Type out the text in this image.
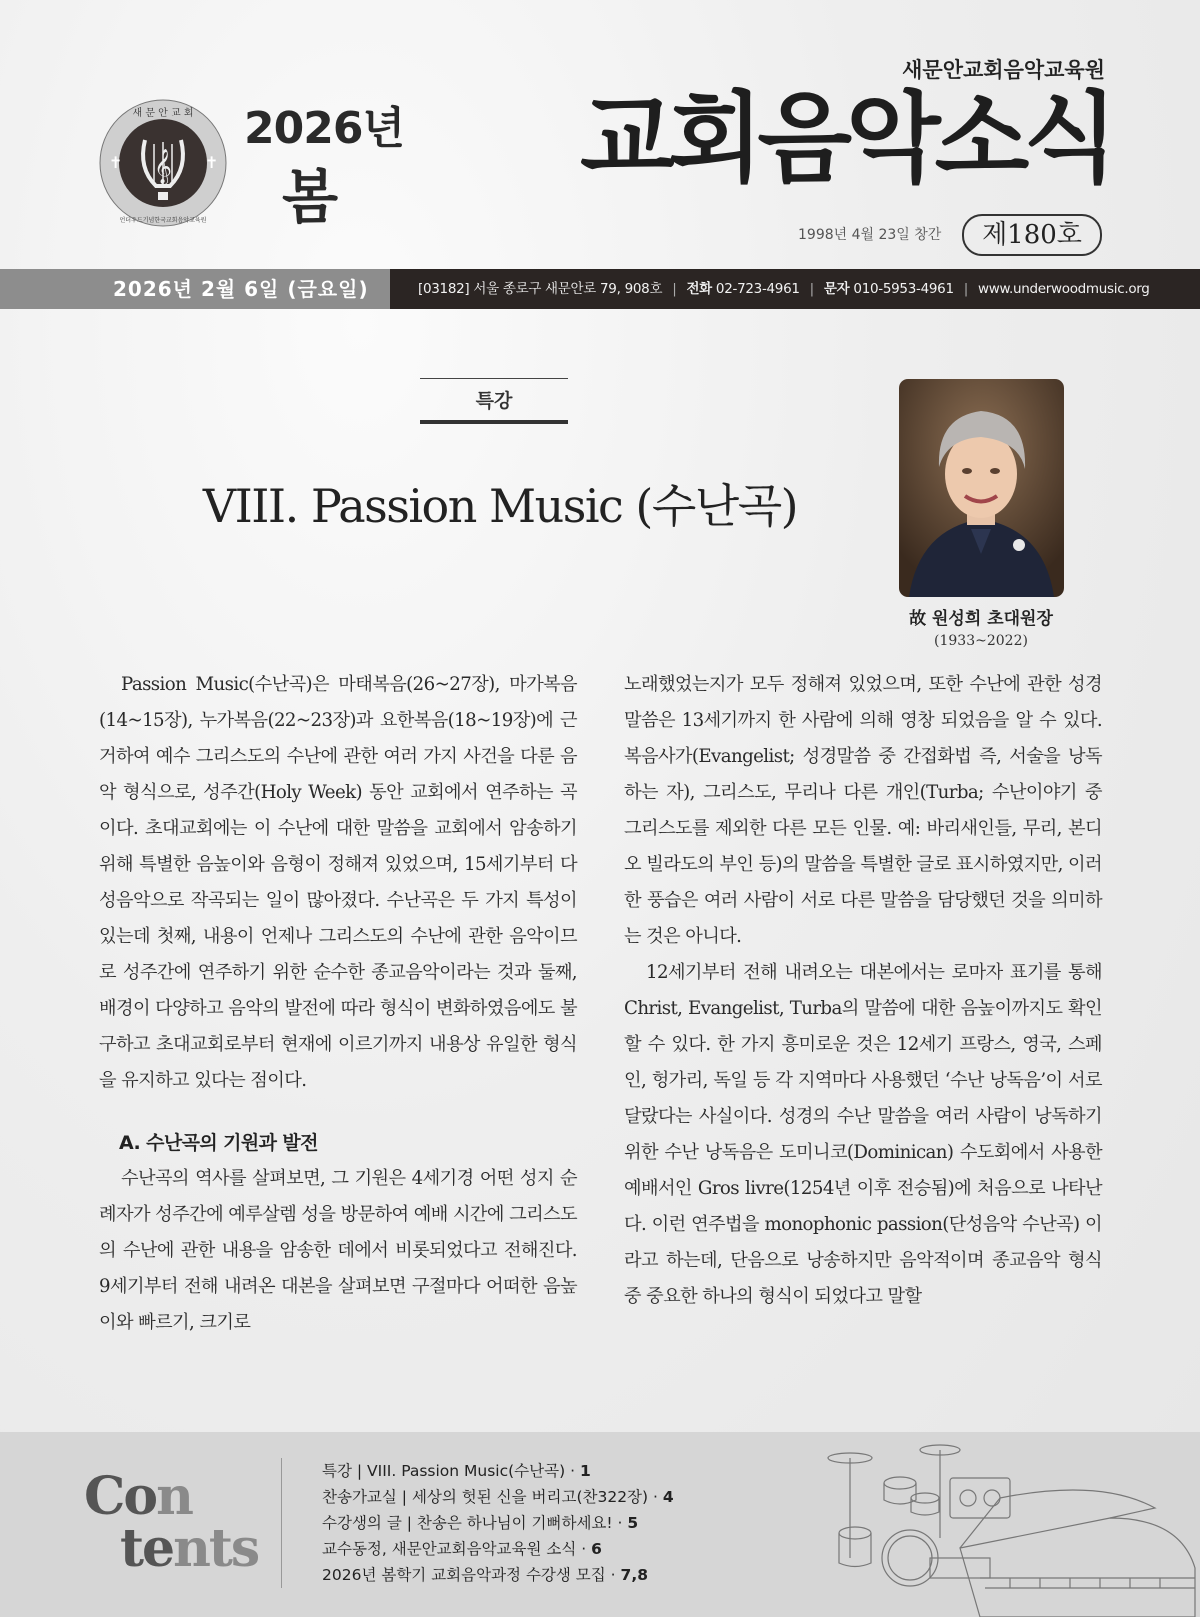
𝄞
✝	✝
새 문 안 교 회
언더우드기념한국교회음악교육원
2026년
봄
새문안교회음악교육원
교회음악소식
1998년 4월 23일 창간	제180호
2026년 2월 6일 (금요일)	[03182] 서울 종로구 새문안로 79, 908호 | 전화 02-723-4961 | 문자 010-5953-4961 | www.underwoodmusic.org
특강
VIII. Passion Music (수난곡)
故 원성희 초대원장
(1933~2022)

Passion Music(수난곡)은 마태복음(26~27장), 마가복음(14~15장), 누가복음(22~23장)과 요한복음(18~19장)에 근거하여 예수 그리스도의 수난에 관한 여러 가지 사건을 다룬 음악 형식으로, 성주간(Holy Week) 동안 교회에서 연주하는 곡이다. 초대교회에는 이 수난에 대한 말씀을 교회에서 암송하기 위해 특별한 음높이와 음형이 정해져 있었으며, 15세기부터 다성음악으로 작곡되는 일이 많아졌다. 수난곡은 두 가지 특성이 있는데 첫째, 내용이 언제나 그리스도의 수난에 관한 음악이므로 성주간에 연주하기 위한 순수한 종교음악이라는 것과 둘째, 배경이 다양하고 음악의 발전에 따라 형식이 변화하였음에도 불구하고 초대교회로부터 현재에 이르기까지 내용상 유일한 형식을 유지하고 있다는 점이다.

A. 수난곡의 기원과 발전

수난곡의 역사를 살펴보면, 그 기원은 4세기경 어떤 성지 순례자가 성주간에 예루살렘 성을 방문하여 예배 시간에 그리스도의 수난에 관한 내용을 암송한 데에서 비롯되었다고 전해진다. 9세기부터 전해 내려온 대본을 살펴보면 구절마다 어떠한 음높이와 빠르기, 크기로

노래했었는지가 모두 정해져 있었으며, 또한 수난에 관한 성경말씀은 13세기까지 한 사람에 의해 영창 되었음을 알 수 있다. 복음사가(Evangelist; 성경말씀 중 간접화법 즉, 서술을 낭독하는 자), 그리스도, 무리나 다른 개인(Turba; 수난이야기 중 그리스도를 제외한 다른 모든 인물. 예: 바리새인들, 무리, 본디오 빌라도의 부인 등)의 말씀을 특별한 글로 표시하였지만, 이러한 풍습은 여러 사람이 서로 다른 말씀을 담당했던 것을 의미하는 것은 아니다.

12세기부터 전해 내려오는 대본에서는 로마자 표기를 통해 Christ, Evangelist, Turba의 말씀에 대한 음높이까지도 확인할 수 있다. 한 가지 흥미로운 것은 12세기 프랑스, 영국, 스페인, 헝가리, 독일 등 각 지역마다 사용했던 ‘수난 낭독음’이 서로 달랐다는 사실이다. 성경의 수난 말씀을 여러 사람이 낭독하기 위한 수난 낭독음은 도미니코(Dominican) 수도회에서 사용한 예배서인 Gros livre(1254년 이후 전승됨)에 처음으로 나타난다. 이런 연주법을 monophonic passion(단성음악 수난곡) 이라고 하는데, 단음으로 낭송하지만 음악적이며 종교음악 형식 중 중요한 하나의 형식이 되었다고 말할

Con
tents
특강 | VIII. Passion Music(수난곡) · 1
찬송가교실 | 세상의 헛된 신을 버리고(찬322장) · 4
수강생의 글 | 찬송은 하나님이 기뻐하세요! · 5
교수동정, 새문안교회음악교육원 소식 · 6
2026년 봄학기 교회음악과정 수강생 모집 · 7,8
